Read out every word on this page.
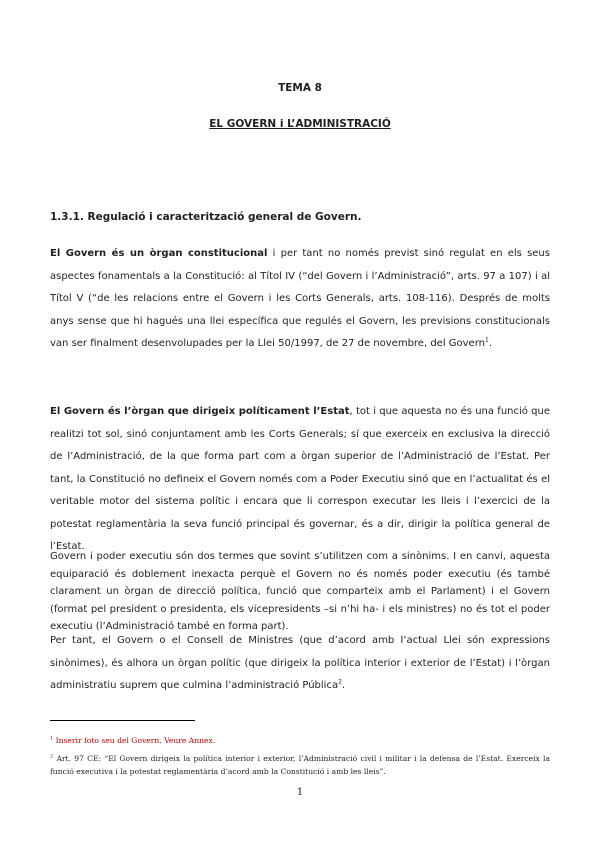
TEMA 8
EL GOVERN i L’ADMINISTRACIÓ
1.3.1. Regulació i caracterització general de Govern.
El Govern és un òrgan constitucional i per tant no només previst sinó regulat en els seus aspectes fonamentals a la Constitució: al Títol IV (“del Govern i l’Administració”, arts. 97 a 107) i al Títol V (“de les relacions entre el Govern i les Corts Generals, arts. 108-116). Després de molts anys sense que hi hagués una llei específica que regulés el Govern, les previsions constitucionals van ser finalment desenvolupades per la Llei 50/1997, de 27 de novembre, del Govern$^1$.
El Govern és l’òrgan que dirigeix políticament l’Estat, tot i que aquesta no és una funció que realitzi tot sol, sinó conjuntament amb les Corts Generals; sí que exerceix en exclusiva la direcció de l’Administració, de la que forma part com a òrgan superior de l’Administració de l’Estat. Per tant, la Constitució no defineix el Govern només com a Poder Executiu sinó que en l’actualitat és el veritable motor del sistema polític i encara que li correspon executar les lleis i l’exercici de la potestat reglamentària la seva funció principal és governar, és a dir, dirigir la política general de l’Estat.
Govern i poder executiu són dos termes que sovint s’utilitzen com a sinònims. I en canvi, aquesta equiparació és doblement inexacta perquè el Govern no és només poder executiu (és també clarament un òrgan de direcció política, funció que comparteix amb el Parlament) i el Govern (format pel president o presidenta, els vicepresidents –si n’hi ha- i els ministres) no és tot el poder executiu (l’Administració també en forma part).
Per tant, el Govern o el Consell de Ministres (que d’acord amb l’actual Llei són expressions sinònimes), és alhora un òrgan polític (que dirigeix la política interior i exterior de l’Estat) i l’òrgan administratiu suprem que culmina l’administració Pública$^2$.
$^1$ Inserir foto seu del Govern. Veure Annex.
$^2$ Art. 97 CE: “El Govern dirigeix la política interior i exterior, l’Administració civil i militar i la defensa de l’Estat. Exerceix la funció executiva i la potestat reglamentària d’acord amb la Constitució i amb les lleis”.
1
